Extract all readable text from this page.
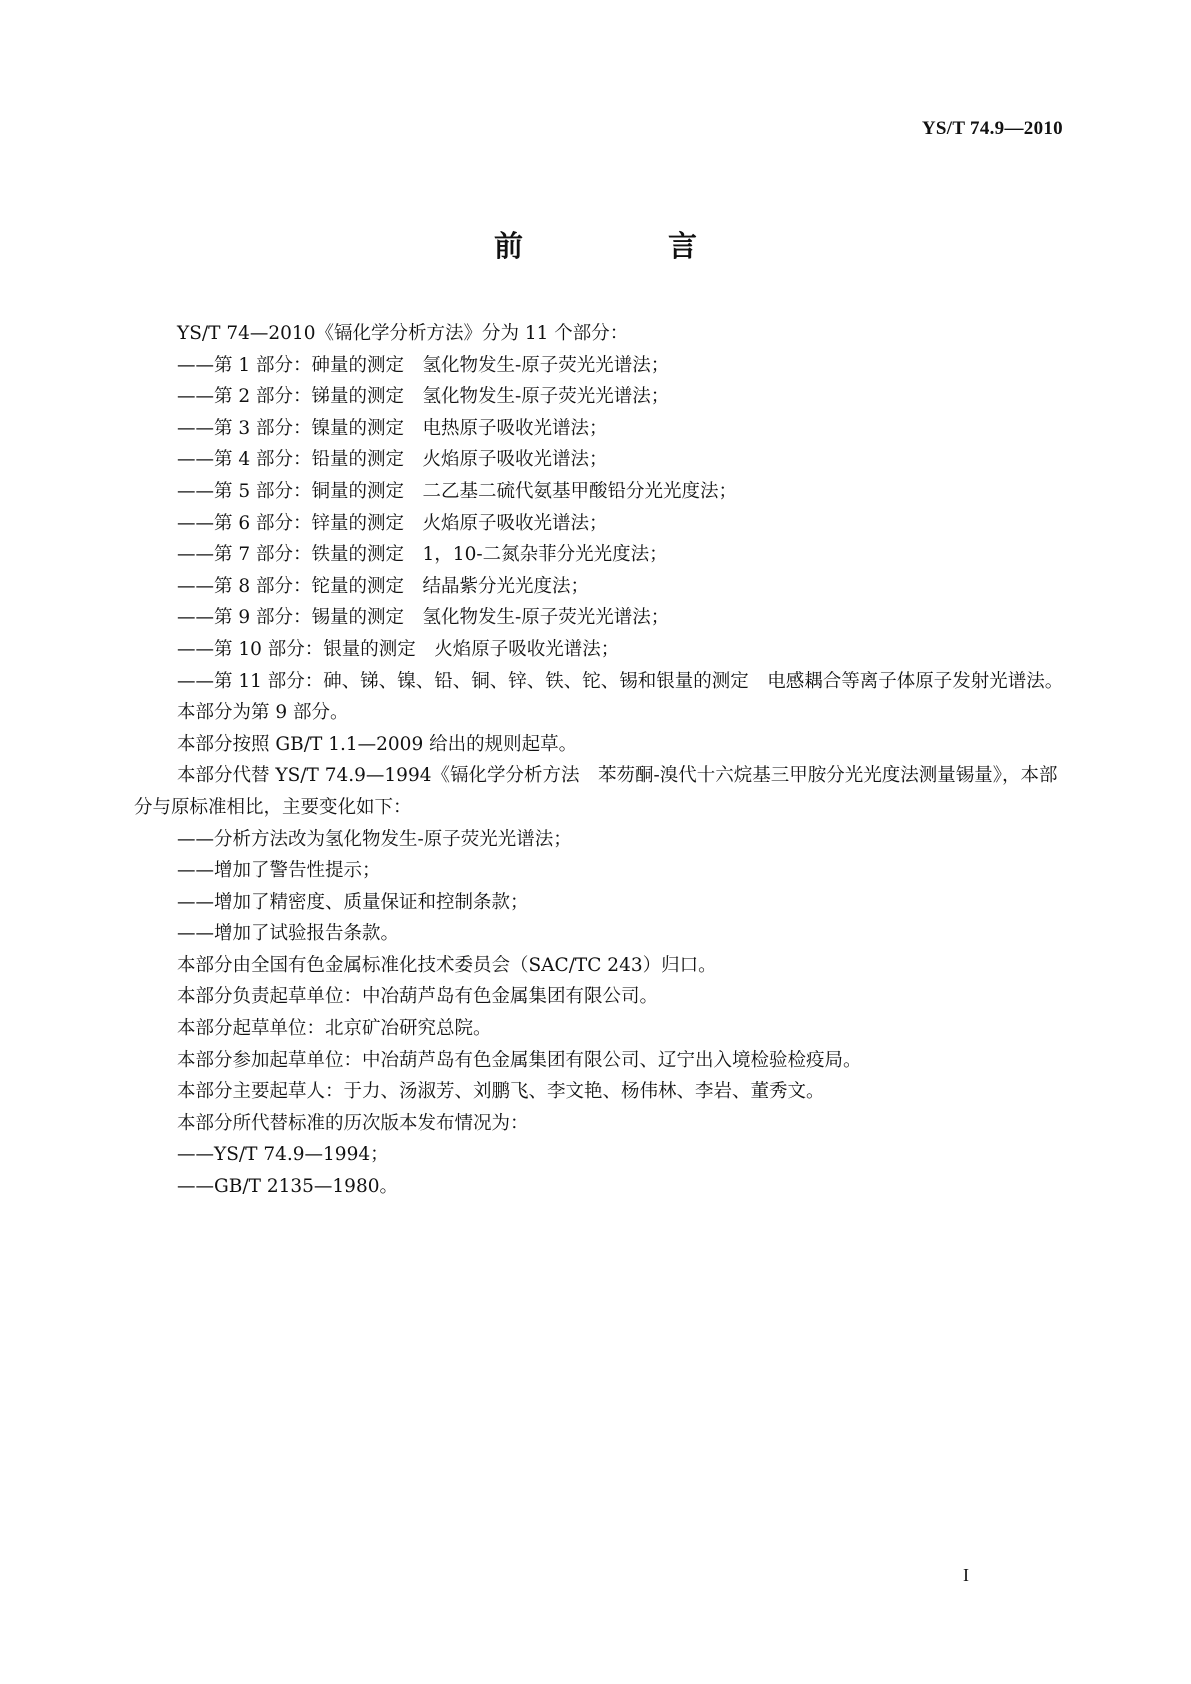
YS/T 74.9—2010
前　言

YS/T 74—2010《镉化学分析方法》分为 11 个部分：

——第 1 部分：砷量的测定　氢化物发生-原子荧光光谱法；

——第 2 部分：锑量的测定　氢化物发生-原子荧光光谱法；

——第 3 部分：镍量的测定　电热原子吸收光谱法；

——第 4 部分：铅量的测定　火焰原子吸收光谱法；

——第 5 部分：铜量的测定　二乙基二硫代氨基甲酸铅分光光度法；

——第 6 部分：锌量的测定　火焰原子吸收光谱法；

——第 7 部分：铁量的测定　1，10-二氮杂菲分光光度法；

——第 8 部分：铊量的测定　结晶紫分光光度法；

——第 9 部分：锡量的测定　氢化物发生-原子荧光光谱法；

——第 10 部分：银量的测定　火焰原子吸收光谱法；

——第 11 部分：砷、锑、镍、铅、铜、锌、铁、铊、锡和银量的测定　电感耦合等离子体原子发射光谱法。

本部分为第 9 部分。

本部分按照 GB/T 1.1—2009 给出的规则起草。

本部分代替 YS/T 74.9—1994《镉化学分析方法　苯芴酮-溴代十六烷基三甲胺分光光度法测量锡量》，本部分与原标准相比，主要变化如下：

——分析方法改为氢化物发生-原子荧光光谱法；

——增加了警告性提示；

——增加了精密度、质量保证和控制条款；

——增加了试验报告条款。

本部分由全国有色金属标准化技术委员会（SAC/TC 243）归口。

本部分负责起草单位：中冶葫芦岛有色金属集团有限公司。

本部分起草单位：北京矿冶研究总院。

本部分参加起草单位：中冶葫芦岛有色金属集团有限公司、辽宁出入境检验检疫局。

本部分主要起草人：于力、汤淑芳、刘鹏飞、李文艳、杨伟林、李岩、董秀文。

本部分所代替标准的历次版本发布情况为：

——YS/T 74.9—1994；

——GB/T 2135—1980。

I
